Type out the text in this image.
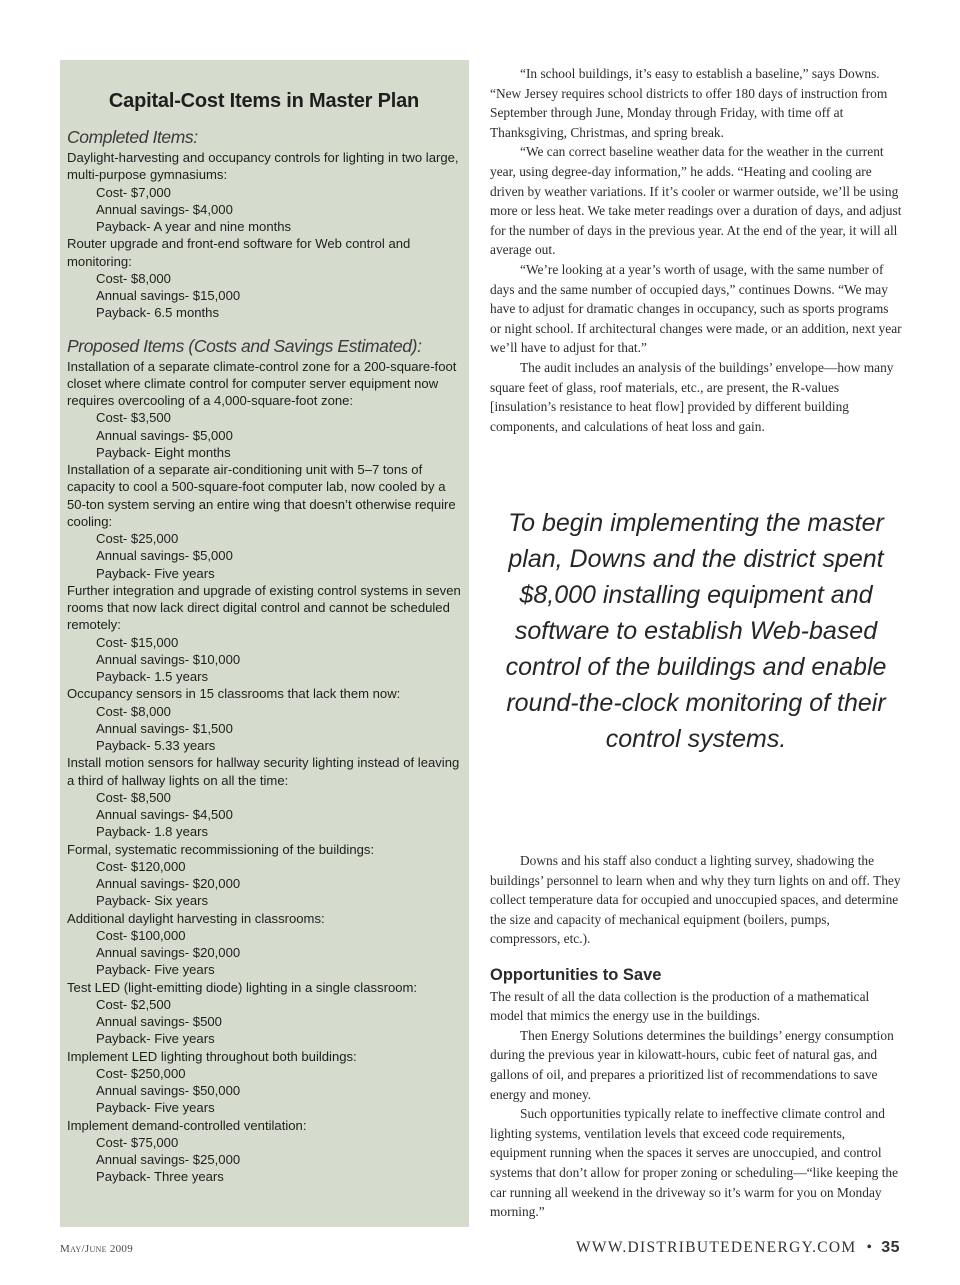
Capital-Cost Items in Master Plan
Completed Items:
Daylight-harvesting and occupancy controls for lighting in two large, multi-purpose gymnasiums:
Cost- $7,000
Annual savings- $4,000
Payback- A year and nine months
Router upgrade and front-end software for Web control and monitoring:
Cost- $8,000
Annual savings- $15,000
Payback- 6.5 months
Proposed Items (Costs and Savings Estimated):
Installation of a separate climate-control zone for a 200-square-foot closet where climate control for computer server equipment now requires overcooling of a 4,000-square-foot zone:
Cost- $3,500
Annual savings- $5,000
Payback- Eight months
Installation of a separate air-conditioning unit with 5–7 tons of capacity to cool a 500-square-foot computer lab, now cooled by a 50-ton system serving an entire wing that doesn’t otherwise require cooling:
Cost- $25,000
Annual savings- $5,000
Payback- Five years
Further integration and upgrade of existing control systems in seven rooms that now lack direct digital control and cannot be scheduled remotely:
Cost- $15,000
Annual savings- $10,000
Payback- 1.5 years
Occupancy sensors in 15 classrooms that lack them now:
Cost- $8,000
Annual savings- $1,500
Payback- 5.33 years
Install motion sensors for hallway security lighting instead of leaving a third of hallway lights on all the time:
Cost- $8,500
Annual savings- $4,500
Payback- 1.8 years
Formal, systematic recommissioning of the buildings:
Cost- $120,000
Annual savings- $20,000
Payback- Six years
Additional daylight harvesting in classrooms:
Cost- $100,000
Annual savings- $20,000
Payback- Five years
Test LED (light-emitting diode) lighting in a single classroom:
Cost- $2,500
Annual savings- $500
Payback- Five years
Implement LED lighting throughout both buildings:
Cost- $250,000
Annual savings- $50,000
Payback- Five years
Implement demand-controlled ventilation:
Cost- $75,000
Annual savings- $25,000
Payback- Three years

“In school buildings, it’s easy to establish a baseline,” says Downs. “New Jersey requires school districts to offer 180 days of instruction from September through June, Monday through Friday, with time off at Thanksgiving, Christmas, and spring break.

“We can correct baseline weather data for the weather in the current year, using degree-day information,” he adds. “Heating and cooling are driven by weather variations. If it’s cooler or warmer outside, we’ll be using more or less heat. We take meter readings over a duration of days, and adjust for the number of days in the previous year. At the end of the year, it will all average out.

“We’re looking at a year’s worth of usage, with the same number of days and the same number of occupied days,” continues Downs. “We may have to adjust for dramatic changes in occupancy, such as sports programs or night school. If architectural changes were made, or an addition, next year we’ll have to adjust for that.”

The audit includes an analysis of the buildings’ envelope—how many square feet of glass, roof materials, etc., are present, the R-values [insulation’s resistance to heat flow] provided by different building components, and calculations of heat loss and gain.

To begin implementing the master plan, Downs and the district spent $8,000 installing equipment and software to establish Web-based control of the buildings and enable round-the-clock monitoring of their control systems.

Downs and his staff also conduct a lighting survey, shadowing the buildings’ personnel to learn when and why they turn lights on and off. They collect temperature data for occupied and unoccupied spaces, and determine the size and capacity of mechanical equipment (boilers, pumps, compressors, etc.).

Opportunities to Save

The result of all the data collection is the production of a mathematical model that mimics the energy use in the buildings.

Then Energy Solutions determines the buildings’ energy consumption during the previous year in kilowatt-hours, cubic feet of natural gas, and gallons of oil, and prepares a prioritized list of recommendations to save energy and money.

Such opportunities typically relate to ineffective climate control and lighting systems, ventilation levels that exceed code requirements, equipment running when the spaces it serves are unoccupied, and control systems that don’t allow for proper zoning or scheduling—“like keeping the car running all weekend in the driveway so it’s warm for you on Monday morning.”

May/June 2009	WWW.DISTRIBUTEDENERGY.COM • 35
